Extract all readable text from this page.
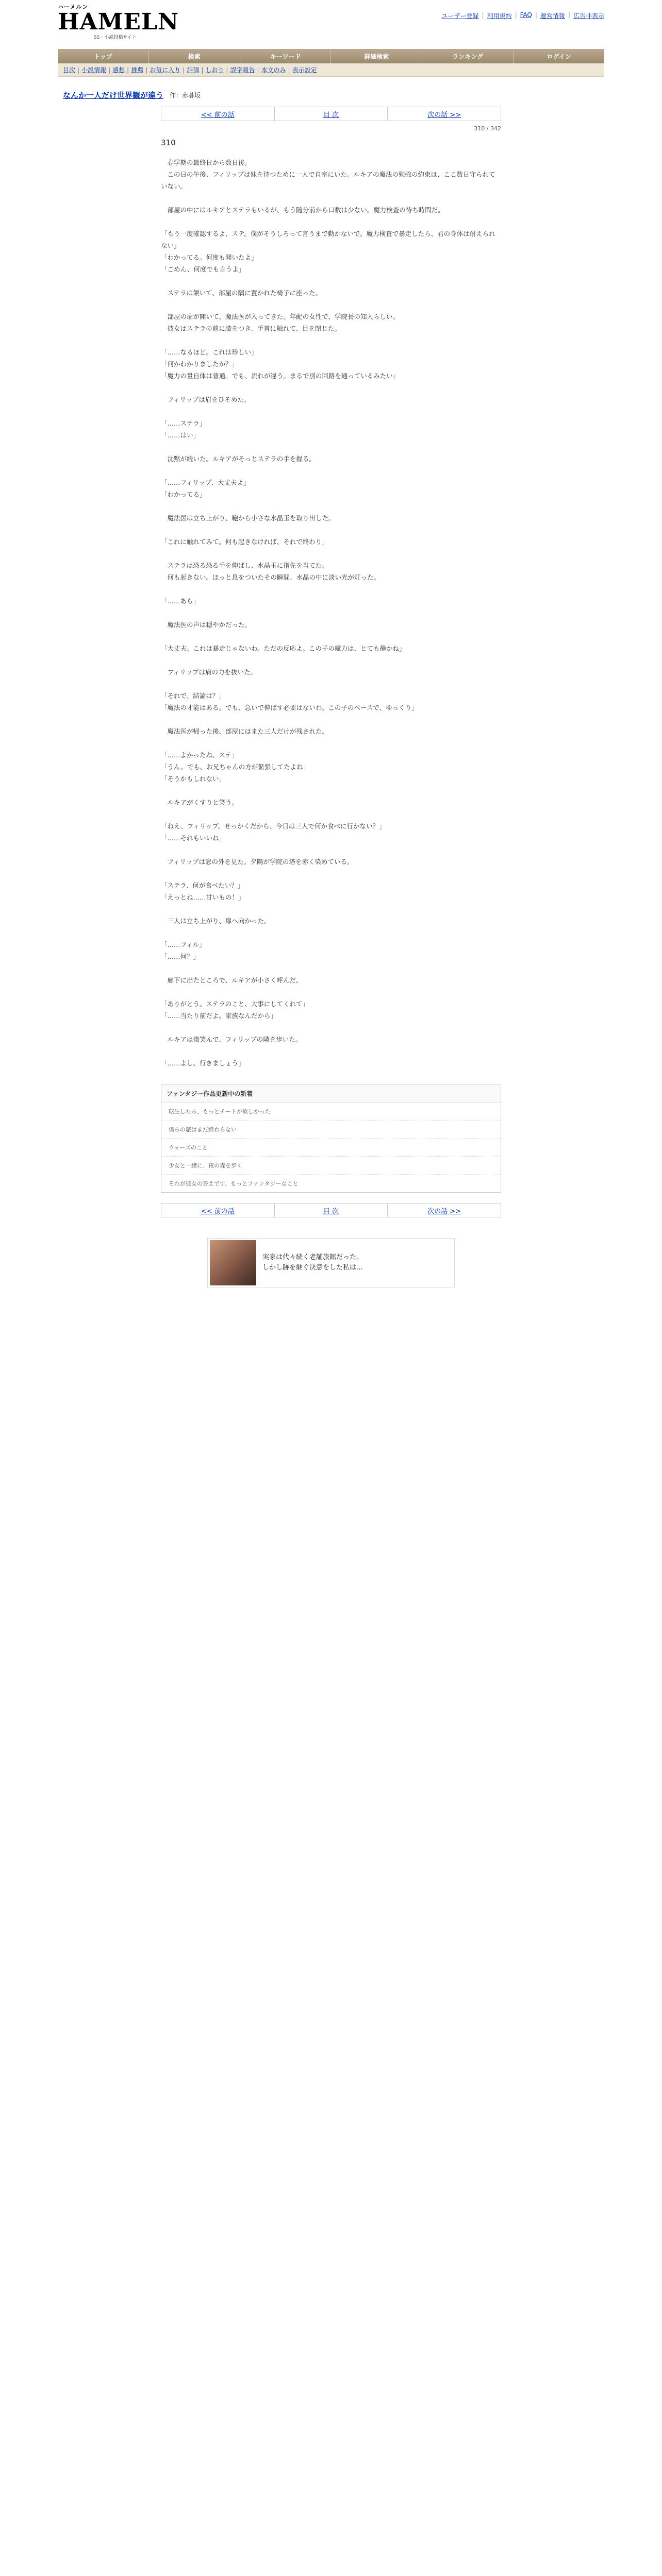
ハーメルン
HAMELN
SS・小説投稿サイト
ユーザー登録 | 利用規約 | FAQ | 運営情報 | 広告非表示
トップ	検索	キーワード	詳細検索	ランキング	ログイン
目次 | 小説情報 | 感想 | 推薦 | お気に入り | 評価 | しおり | 誤字報告 | 本文のみ | 表示設定
なんか一人だけ世界観が違う 作：赤碁坂
<< 前の話	目 次	次の話 >>
310 / 342
310

　春学期の最終日から数日後。

　この日の午後、フィリップは妹を待つために一人で自室にいた。ルキアの魔法の勉強の約束は、ここ数日守られていない。

　部屋の中にはルキアとステラもいるが、もう随分前から口数は少ない。魔力検査の待ち時間だ。

「もう一度確認するよ、ステ。僕がそうしろって言うまで動かないで。魔力検査で暴走したら、君の身体は耐えられない」

「わかってる。何度も聞いたよ」

「ごめん、何度でも言うよ」

　ステラは頷いて、部屋の隅に置かれた椅子に座った。

　部屋の扉が開いて、魔法医が入ってきた。年配の女性で、学院長の知人らしい。

　彼女はステラの前に膝をつき、手首に触れて、目を閉じた。

「……なるほど。これは珍しい」

「何かわかりましたか？」

「魔力の量自体は普通。でも、流れが違う。まるで別の回路を通っているみたい」

　フィリップは眉をひそめた。

「……ステラ」

「……はい」

　沈黙が続いた。ルキアがそっとステラの手を握る。

「……フィリップ、大丈夫よ」

「わかってる」

　魔法医は立ち上がり、鞄から小さな水晶玉を取り出した。

「これに触れてみて。何も起きなければ、それで終わり」

　ステラは恐る恐る手を伸ばし、水晶玉に指先を当てた。

　何も起きない。ほっと息をついたその瞬間、水晶の中に淡い光が灯った。

「……あら」

　魔法医の声は穏やかだった。

「大丈夫。これは暴走じゃないわ。ただの反応よ。この子の魔力は、とても静かね」

　フィリップは肩の力を抜いた。

「それで、結論は？」

「魔法の才能はある。でも、急いで伸ばす必要はないわ。この子のペースで、ゆっくり」

　魔法医が帰った後、部屋にはまた三人だけが残された。

「……よかったね、ステ」

「うん。でも、お兄ちゃんの方が緊張してたよね」

「そうかもしれない」

　ルキアがくすりと笑う。

「ねえ、フィリップ。せっかくだから、今日は三人で何か食べに行かない？」

「……それもいいね」

　フィリップは窓の外を見た。夕陽が学院の塔を赤く染めている。

「ステラ、何が食べたい？」

「えっとね……甘いもの！」

　三人は立ち上がり、扉へ向かった。

「……フィル」

「……何？」

　廊下に出たところで、ルキアが小さく呼んだ。

「ありがとう。ステラのこと、大事にしてくれて」

「……当たり前だよ。家族なんだから」

　ルキアは微笑んで、フィリップの隣を歩いた。

「……よし、行きましょう」

ファンタジー作品更新中の新着
転生したら、もっとチートが欲しかった
僕らの旅はまだ終わらない
ウォーズのこと
少女と一緒に、夜の森を歩く
それが彼女の答えです、もっとファンタジーなこと
<< 前の話	目 次	次の話 >>
実家は代々続く老舗旅館だった。
しかし跡を継ぐ決意をした私は…
